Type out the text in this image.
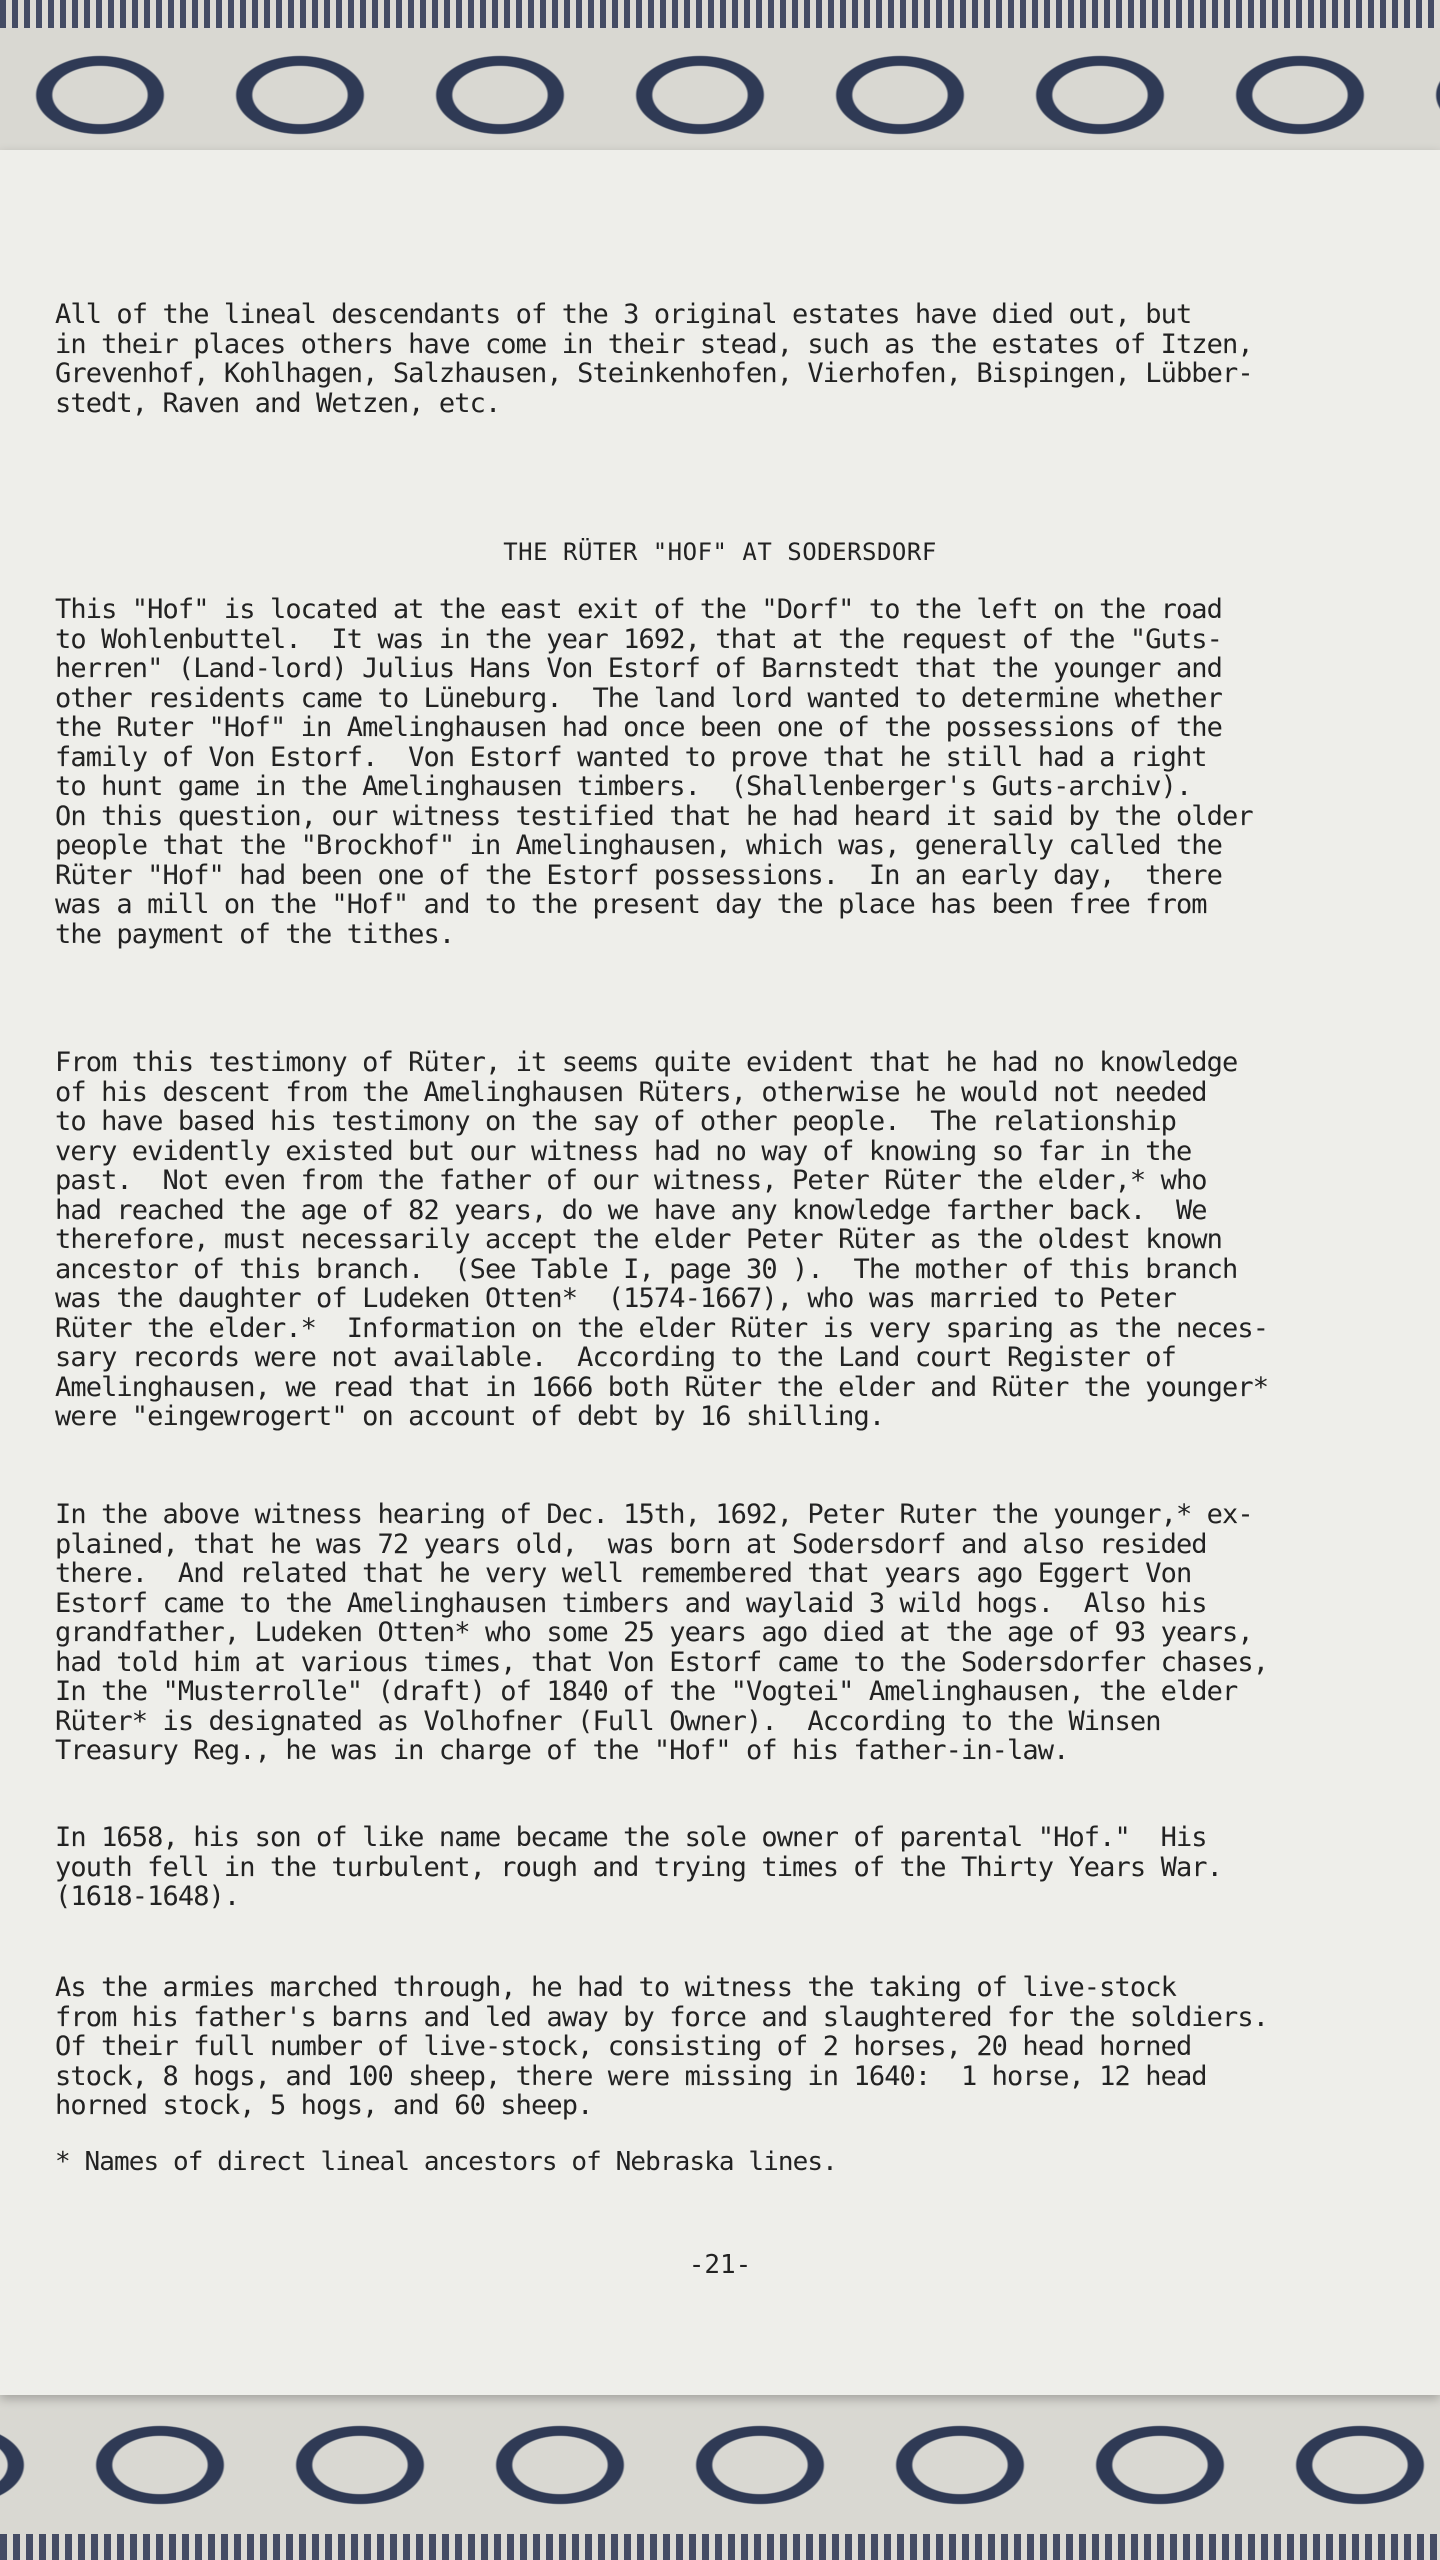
All of the lineal descendants of the 3 original estates have died out, but
in their places others have come in their stead, such as the estates of Itzen,
Grevenhof, Kohlhagen, Salzhausen, Steinkenhofen, Vierhofen, Bispingen, Lübber-
stedt, Raven and Wetzen, etc.
THE RÜTER "HOF" AT SODERSDORF
This "Hof" is located at the east exit of the "Dorf" to the left on the road
to Wohlenbuttel.  It was in the year 1692, that at the request of the "Guts-
herren" (Land-lord) Julius Hans Von Estorf of Barnstedt that the younger and
other residents came to Lüneburg.  The land lord wanted to determine whether
the Ruter "Hof" in Amelinghausen had once been one of the possessions of the
family of Von Estorf.  Von Estorf wanted to prove that he still had a right
to hunt game in the Amelinghausen timbers.  (Shallenberger's Guts-archiv).
On this question, our witness testified that he had heard it said by the older
people that the "Brockhof" in Amelinghausen, which was, generally called the
Rüter "Hof" had been one of the Estorf possessions.  In an early day,  there
was a mill on the "Hof" and to the present day the place has been free from
the payment of the tithes.
From this testimony of Rüter, it seems quite evident that he had no knowledge
of his descent from the Amelinghausen Rüters, otherwise he would not needed
to have based his testimony on the say of other people.  The relationship
very evidently existed but our witness had no way of knowing so far in the
past.  Not even from the father of our witness, Peter Rüter the elder,* who
had reached the age of 82 years, do we have any knowledge farther back.  We
therefore, must necessarily accept the elder Peter Rüter as the oldest known
ancestor of this branch.  (See Table I, page 30 ).  The mother of this branch
was the daughter of Ludeken Otten*  (1574-1667), who was married to Peter
Rüter the elder.*  Information on the elder Rüter is very sparing as the neces-
sary records were not available.  According to the Land court Register of
Amelinghausen, we read that in 1666 both Rüter the elder and Rüter the younger*
were "eingewrogert" on account of debt by 16 shilling.
In the above witness hearing of Dec. 15th, 1692, Peter Ruter the younger,* ex-
plained, that he was 72 years old,  was born at Sodersdorf and also resided
there.  And related that he very well remembered that years ago Eggert Von
Estorf came to the Amelinghausen timbers and waylaid 3 wild hogs.  Also his
grandfather, Ludeken Otten* who some 25 years ago died at the age of 93 years,
had told him at various times, that Von Estorf came to the Sodersdorfer chases,
In the "Musterrolle" (draft) of 1840 of the "Vogtei" Amelinghausen, the elder
Rüter* is designated as Volhofner (Full Owner).  According to the Winsen
Treasury Reg., he was in charge of the "Hof" of his father-in-law.
In 1658, his son of like name became the sole owner of parental "Hof."  His
youth fell in the turbulent, rough and trying times of the Thirty Years War.
(1618-1648).
As the armies marched through, he had to witness the taking of live-stock
from his father's barns and led away by force and slaughtered for the soldiers.
Of their full number of live-stock, consisting of 2 horses, 20 head horned
stock, 8 hogs, and 100 sheep, there were missing in 1640:  1 horse, 12 head
horned stock, 5 hogs, and 60 sheep.
* Names of direct lineal ancestors of Nebraska lines.
-21-
